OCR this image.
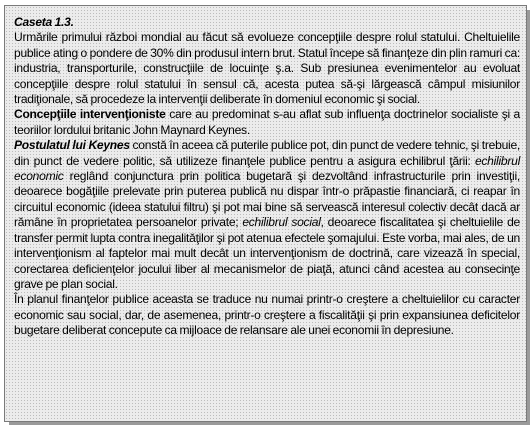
Caseta 1.3.

Urmările primului război mondial au făcut să evolueze concepţiile despre rolul statului. Cheltuielile publice ating o pondere de 30% din produsul intern brut. Statul începe să finanţeze din plin ramuri ca: industria, transporturile, construcţiile de locuinţe ş.a. Sub presiunea evenimentelor au evoluat concepţiile despre rolul statului în sensul că, acesta putea să-şi lărgească câmpul misiunilor tradiţionale, să procedeze la intervenţii deliberate în domeniul economic şi social.

Concepţiile intervenţioniste care au predominat s-au aflat sub influenţa doctrinelor socialiste şi a teoriilor lordului britanic John Maynard Keynes.

Postulatul lui Keynes constă în aceea că puterile publice pot, din punct de vedere tehnic, şi trebuie, din punct de vedere politic, să utilizeze finanţele publice pentru a asigura echilibrul ţării: echilibrul economic reglând conjunctura prin politica bugetară şi dezvoltând infrastructurile prin investiţii, deoarece bogăţiile prelevate prin puterea publică nu dispar într-o prăpastie financiară, ci reapar în circuitul economic (ideea statului filtru) şi pot mai bine să servească interesul colectiv decât dacă ar rămâne în proprietatea persoanelor private; echilibrul social, deoarece fiscalitatea şi cheltuielile de transfer permit lupta contra inegalităţilor şi pot atenua efectele şomajului. Este vorba, mai ales, de un intervenţionism al faptelor mai mult decât un intervenţionism de doctrină, care vizează în special, corectarea deficienţelor jocului liber al mecanismelor de piaţă, atunci când acestea au consecinţe grave pe plan social.

În planul finanţelor publice aceasta se traduce nu numai printr-o creştere a cheltuielilor cu caracter economic sau social, dar, de asemenea, printr-o creştere a fiscalităţii şi prin expansiunea deficitelor bugetare deliberat concepute ca mijloace de relansare ale unei economii în depresiune.
